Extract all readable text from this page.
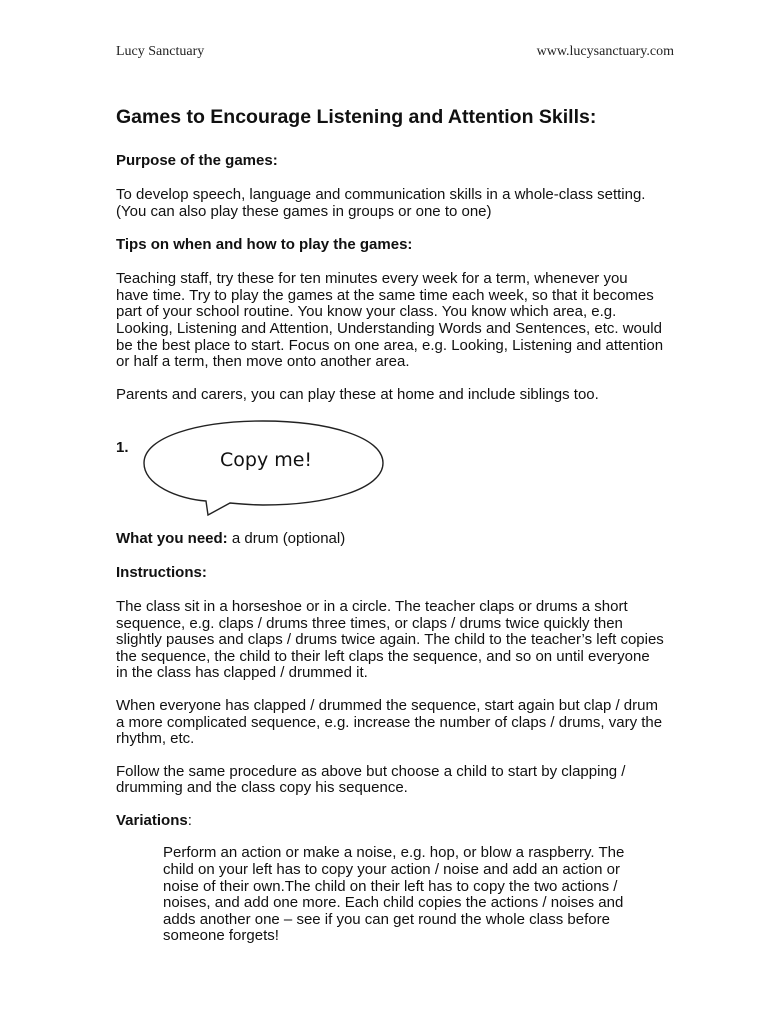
Lucy Sanctuary	www.lucysanctuary.com
Games to Encourage Listening and Attention Skills:
Purpose of the games:

To develop speech, language and communication skills in a whole-class setting. (You can also play these games in groups or one to one)

Tips on when and how to play the games:

Teaching staff, try these for ten minutes every week for a term, whenever you have time. Try to play the games at the same time each week, so that it becomes part of your school routine. You know your class. You know which area, e.g. Looking, Listening and Attention, Understanding Words and Sentences, etc. would be the best place to start. Focus on one area, e.g. Looking, Listening and attention or half a term, then move onto another area.

Parents and carers, you can play these at home and include siblings too.

1.
Copy me!

What you need: a drum (optional)

Instructions:

The class sit in a horseshoe or in a circle. The teacher claps or drums a short sequence, e.g. claps / drums three times, or claps / drums twice quickly then slightly pauses and claps / drums twice again. The child to the teacher’s left copies the sequence, the child to their left claps the sequence, and so on until everyone in the class has clapped / drummed it.

When everyone has clapped / drummed the sequence, start again but clap / drum a more complicated sequence, e.g. increase the number of claps / drums, vary the rhythm, etc.

Follow the same procedure as above but choose a child to start by clapping / drumming and the class copy his sequence.

Variations:

Perform an action or make a noise, e.g. hop, or blow a raspberry. The child on your left has to copy your action / noise and add an action or noise of their own.The child on their left has to copy the two actions / noises, and add one more. Each child copies the actions / noises and adds another one – see if you can get round the whole class before someone forgets!
